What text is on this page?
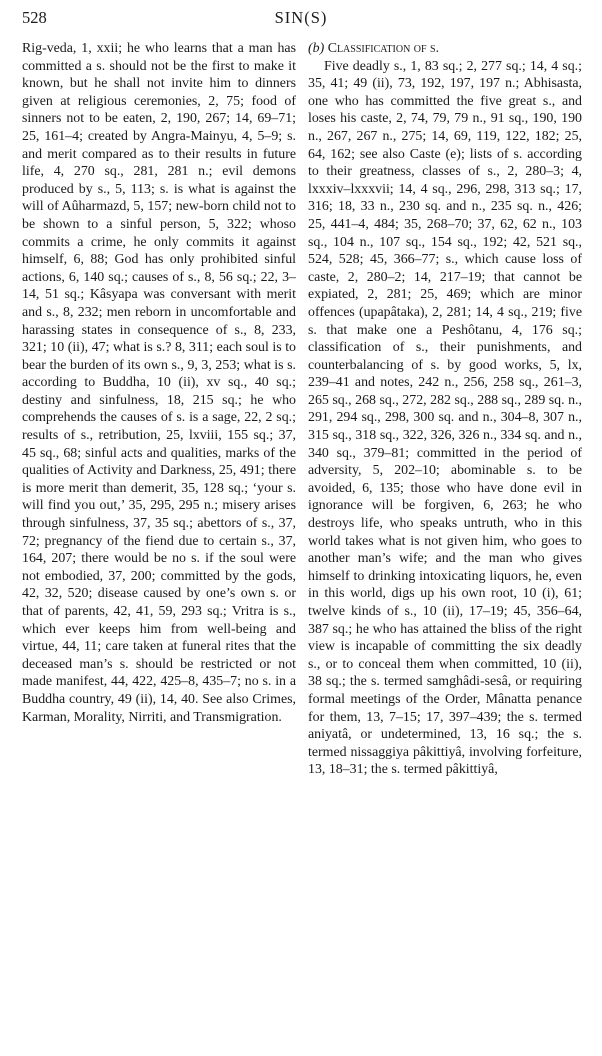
528	SIN(S)

Rig-veda, 1, xxii; he who learns that a man has committed a s. should not be the first to make it known, but he shall not invite him to dinners given at religious ceremonies, 2, 75; food of sinners not to be eaten, 2, 190, 267; 14, 69–71; 25, 161–4; created by Angra-Mainyu, 4, 5–9; s. and merit compared as to their results in future life, 4, 270 sq., 281, 281 n.; evil demons produced by s., 5, 113; s. is what is against the will of Aûharmazd, 5, 157; new-born child not to be shown to a sinful person, 5, 322; whoso commits a crime, he only commits it against himself, 6, 88; God has only prohibited sinful actions, 6, 140 sq.; causes of s., 8, 56 sq.; 22, 3–14, 51 sq.; Kâsyapa was conversant with merit and s., 8, 232; men reborn in uncomfortable and harassing states in consequence of s., 8, 233, 321; 10 (ii), 47; what is s.? 8, 311; each soul is to bear the burden of its own s., 9, 3, 253; what is s. according to Buddha, 10 (ii), xv sq., 40 sq.; destiny and sinfulness, 18, 215 sq.; he who comprehends the causes of s. is a sage, 22, 2 sq.; results of s., retribution, 25, lxviii, 155 sq.; 37, 45 sq., 68; sinful acts and qualities, marks of the qualities of Activity and Darkness, 25, 491; there is more merit than demerit, 35, 128 sq.; ‘your s. will find you out,’ 35, 295, 295 n.; misery arises through sinfulness, 37, 35 sq.; abettors of s., 37, 72; pregnancy of the fiend due to certain s., 37, 164, 207; there would be no s. if the soul were not embodied, 37, 200; committed by the gods, 42, 32, 520; disease caused by one’s own s. or that of parents, 42, 41, 59, 293 sq.; Vritra is s., which ever keeps him from well-being and virtue, 44, 11; care taken at funeral rites that the deceased man’s s. should be restricted or not made manifest, 44, 422, 425–8, 435–7; no s. in a Buddha country, 49 (ii), 14, 40. See also Crimes, Karman, Morality, Nirriti, and Transmigration.

(b) Classification of s.

Five deadly s., 1, 83 sq.; 2, 277 sq.; 14, 4 sq.; 35, 41; 49 (ii), 73, 192, 197, 197 n.; Abhisasta, one who has committed the five great s., and loses his caste, 2, 74, 79, 79 n., 91 sq., 190, 190 n., 267, 267 n., 275; 14, 69, 119, 122, 182; 25, 64, 162; see also Caste (e); lists of s. according to their greatness, classes of s., 2, 280–3; 4, lxxxiv–lxxxvii; 14, 4 sq., 296, 298, 313 sq.; 17, 316; 18, 33 n., 230 sq. and n., 235 sq. n., 426; 25, 441–4, 484; 35, 268–70; 37, 62, 62 n., 103 sq., 104 n., 107 sq., 154 sq., 192; 42, 521 sq., 524, 528; 45, 366–77; s., which cause loss of caste, 2, 280–2; 14, 217–19; that cannot be expiated, 2, 281; 25, 469; which are minor offences (upapâtaka), 2, 281; 14, 4 sq., 219; five s. that make one a Peshôtanu, 4, 176 sq.; classification of s., their punishments, and counterbalancing of s. by good works, 5, lx, 239–41 and notes, 242 n., 256, 258 sq., 261–3, 265 sq., 268 sq., 272, 282 sq., 288 sq., 289 sq. n., 291, 294 sq., 298, 300 sq. and n., 304–8, 307 n., 315 sq., 318 sq., 322, 326, 326 n., 334 sq. and n., 340 sq., 379–81; committed in the period of adversity, 5, 202–10; abominable s. to be avoided, 6, 135; those who have done evil in ignorance will be forgiven, 6, 263; he who destroys life, who speaks untruth, who in this world takes what is not given him, who goes to another man’s wife; and the man who gives himself to drinking intoxicating liquors, he, even in this world, digs up his own root, 10 (i), 61; twelve kinds of s., 10 (ii), 17–19; 45, 356–64, 387 sq.; he who has attained the bliss of the right view is incapable of committing the six deadly s., or to conceal them when committed, 10 (ii), 38 sq.; the s. termed samghâdi-sesâ, or requiring formal meetings of the Order, Mânatta penance for them, 13, 7–15; 17, 397–439; the s. termed aniyatâ, or undetermined, 13, 16 sq.; the s. termed nissaggiya pâkittiyâ, involving forfeiture, 13, 18–31; the s. termed pâkittiyâ,
